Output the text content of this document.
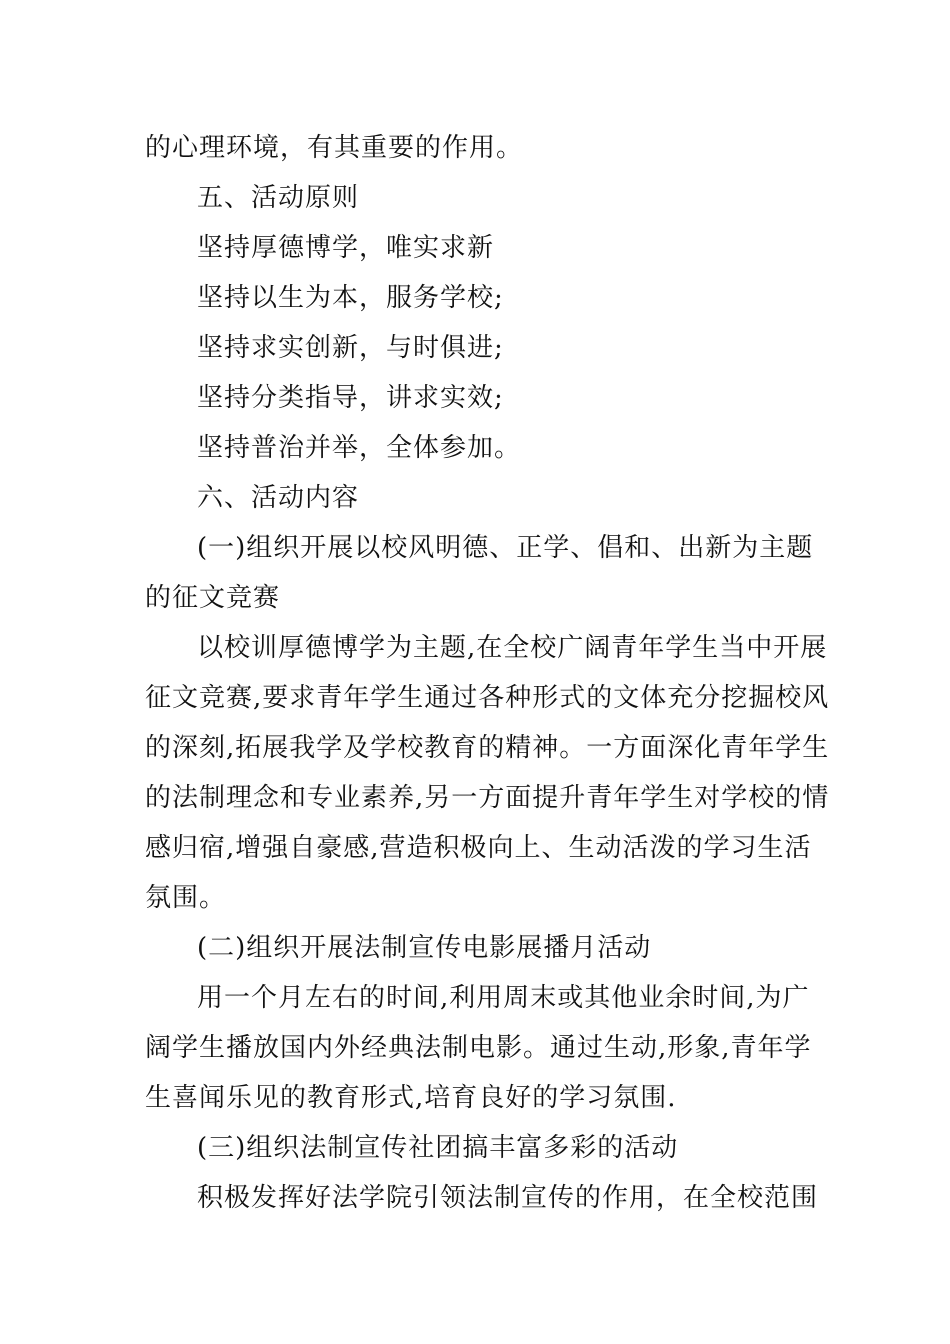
的心理环境，有其重要的作用。
五、活动原则
坚持厚德博学，唯实求新
坚持以生为本，服务学校;
坚持求实创新，与时俱进;
坚持分类指导，讲求实效;
坚持普治并举，全体参加。
六、活动内容
(一)组织开展以校风明德、正学、倡和、出新为主题
的征文竞赛
以校训厚德博学为主题,在全校广阔青年学生当中开展
征文竞赛,要求青年学生通过各种形式的文体充分挖掘校风
的深刻,拓展我学及学校教育的精神。一方面深化青年学生
的法制理念和专业素养,另一方面提升青年学生对学校的情
感归宿,增强自豪感,营造积极向上、生动活泼的学习生活
氛围。
(二)组织开展法制宣传电影展播月活动
用一个月左右的时间,利用周末或其他业余时间,为广
阔学生播放国内外经典法制电影。通过生动,形象,青年学
生喜闻乐见的教育形式,培育良好的学习氛围.
(三)组织法制宣传社团搞丰富多彩的活动
积极发挥好法学院引领法制宣传的作用，在全校范围
